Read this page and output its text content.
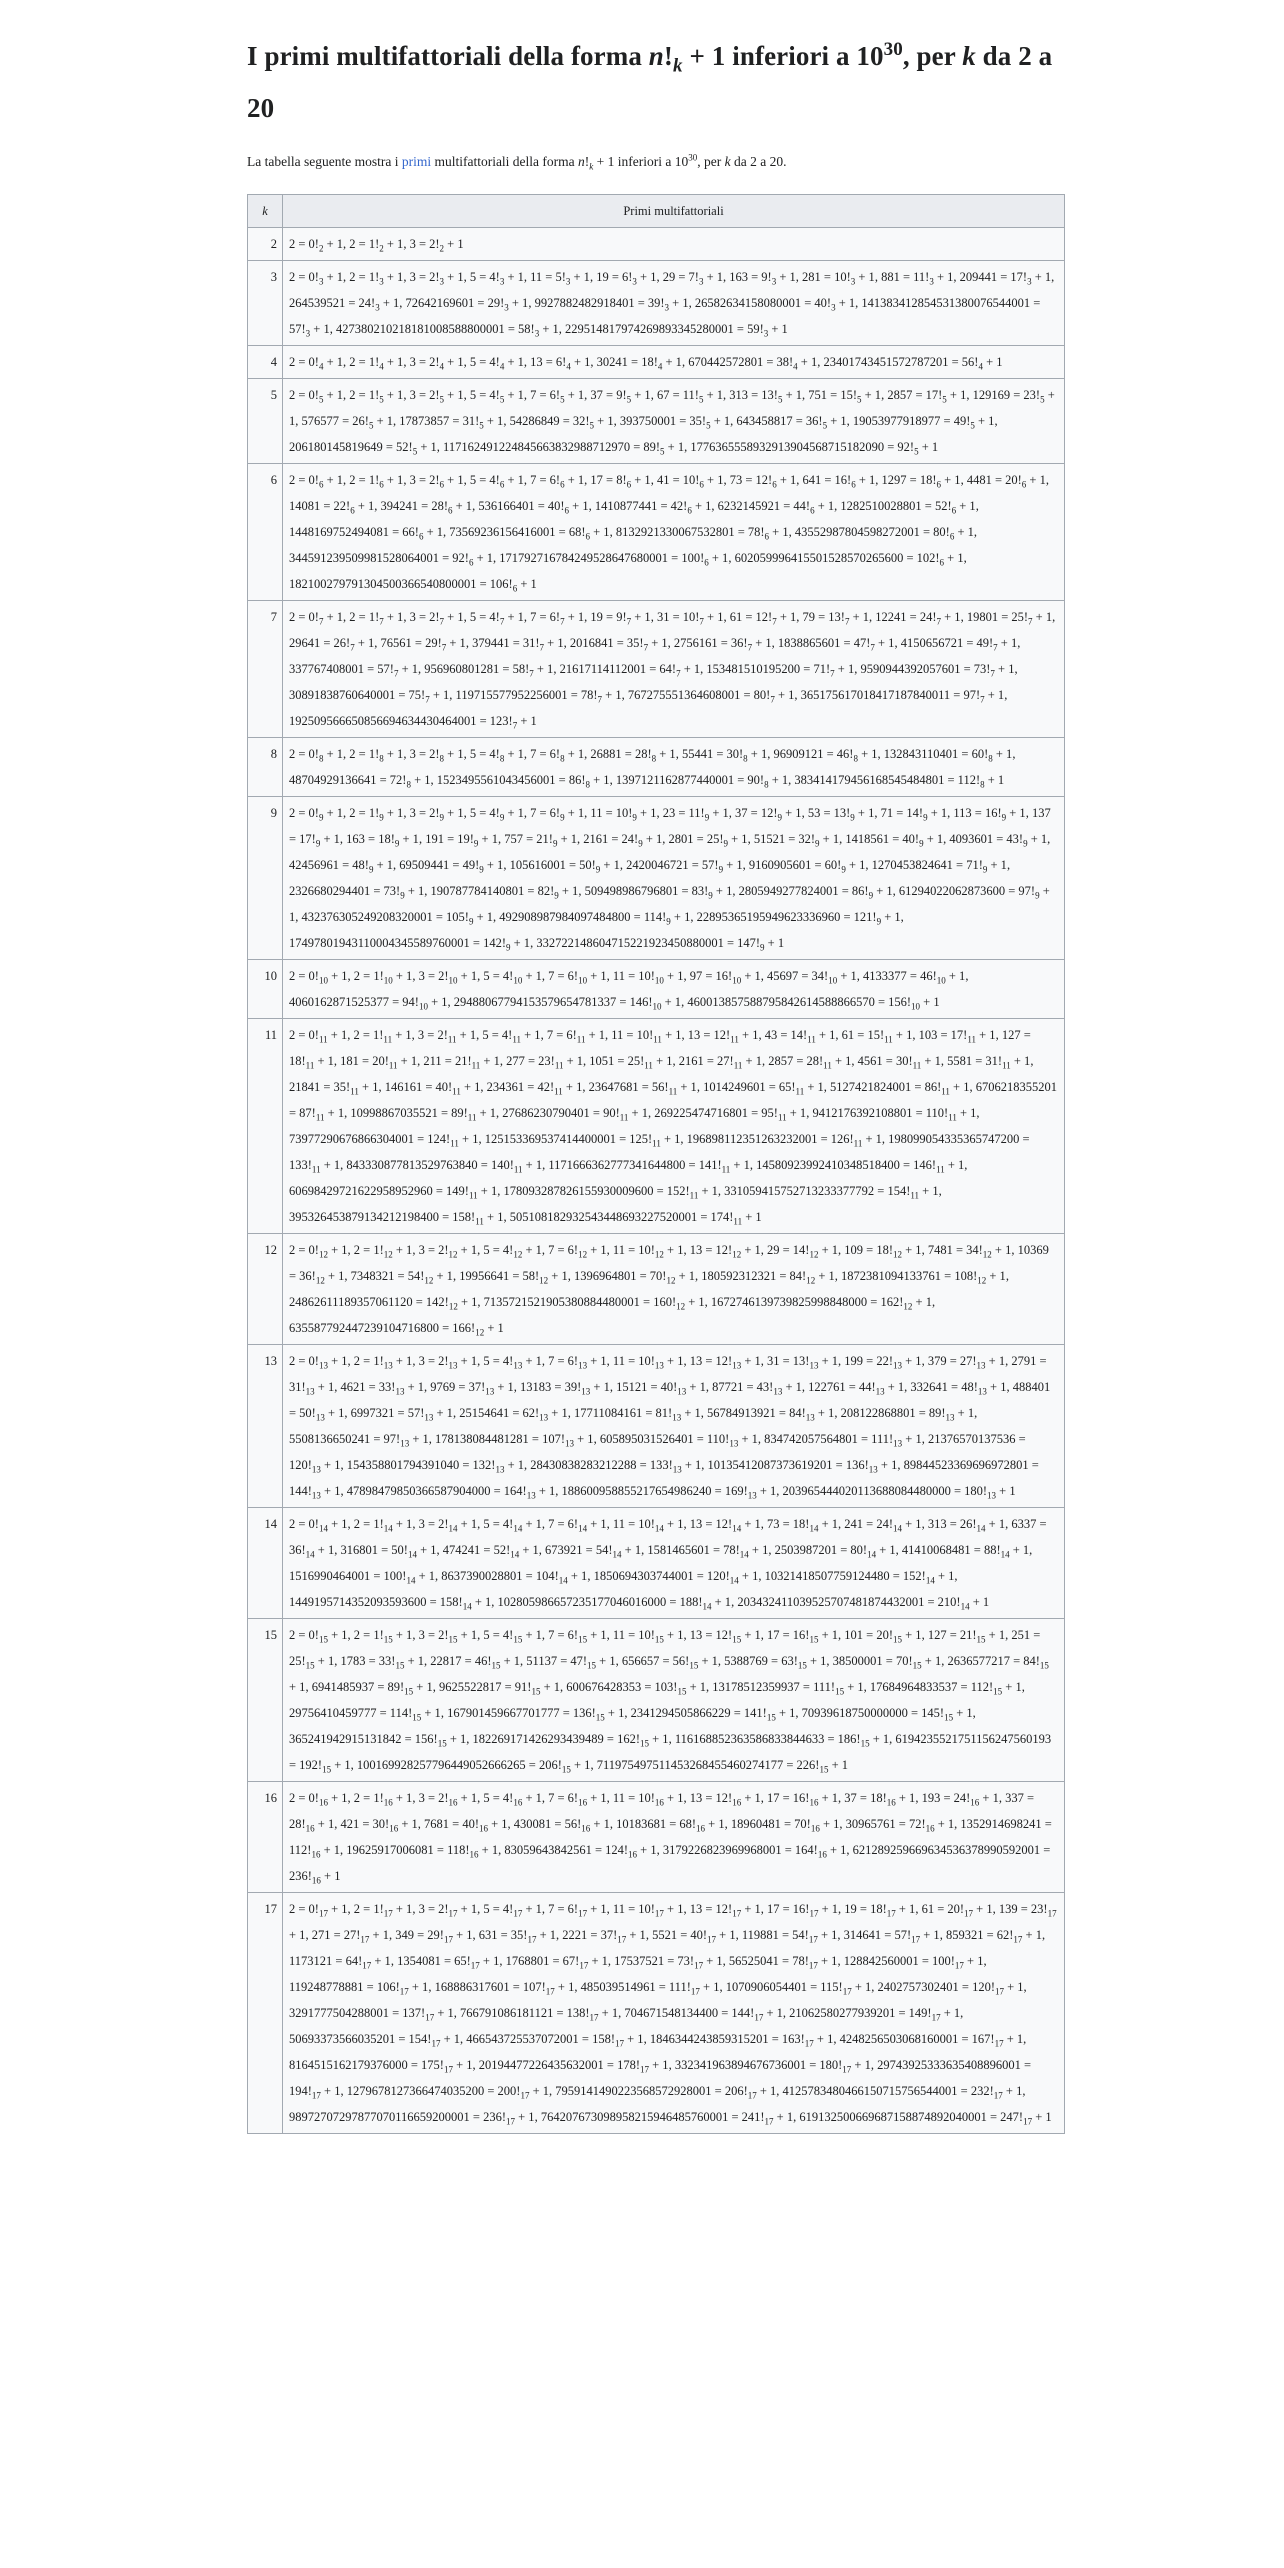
I primi multifattoriali della forma $n!_k + 1$ inferiori a $10^{30}$, per k da 2 a 20

La tabella seguente mostra i primi multifattoriali della forma $n!_k + 1$ inferiori a $10^{30}$, per k da 2 a 20.

k	Primi multifattoriali
2	$2 = 0!_2 + 1$, $2 = 1!_2 + 1$, $3 = 2!_2 + 1$

3	$2 = 0!_3 + 1$, $2 = 1!_3 + 1$, $3 = 2!_3 + 1$, $5 = 4!_3 + 1$, $11 = 5!_3 + 1$, $19 = 6!_3 + 1$, $29 = 7!_3 + 1$, $163 = 9!_3 + 1$, $281 = 10!_3 + 1$, $881 = 11!_3 + 1$, $209441 = 17!_3 + 1$, $264539521 = 24!_3 + 1$, $72642169601 = 29!_3 + 1$, $9927882482918401 = 39!_3 + 1$, $26582634158080001 = 40!_3 + 1$, $141383412854531380076544001 = 57!_3 + 1$, $427380210218181008588800001 = 58!_3 + 1$, $229514817974269893345280001 = 59!_3 + 1$

4	$2 = 0!_4 + 1$, $2 = 1!_4 + 1$, $3 = 2!_4 + 1$, $5 = 4!_4 + 1$, $13 = 6!_4 + 1$, $30241 = 18!_4 + 1$, $670442572801 = 38!_4 + 1$, $23401743451572787201 = 56!_4 + 1$

5	$2 = 0!_5 + 1$, $2 = 1!_5 + 1$, $3 = 2!_5 + 1$, $5 = 4!_5 + 1$, $7 = 6!_5 + 1$, $37 = 9!_5 + 1$, $67 = 11!_5 + 1$, $313 = 13!_5 + 1$, $751 = 15!_5 + 1$, $2857 = 17!_5 + 1$, $129169 = 23!_5 + 1$, $576577 = 26!_5 + 1$, $17873857 = 31!_5 + 1$, $54286849 = 32!_5 + 1$, $393750001 = 35!_5 + 1$, $643458817 = 36!_5 + 1$, $19053977918977 = 49!_5 + 1$, $206180145819649 = 52!_5 + 1$, $117162491224845663832988712970 = 89!_5 + 1$, $1776365558932913904568715182090 = 92!_5 + 1$

6	$2 = 0!_6 + 1$, $2 = 1!_6 + 1$, $3 = 2!_6 + 1$, $5 = 4!_6 + 1$, $7 = 6!_6 + 1$, $17 = 8!_6 + 1$, $41 = 10!_6 + 1$, $73 = 12!_6 + 1$, $641 = 16!_6 + 1$, $1297 = 18!_6 + 1$, $4481 = 20!_6 + 1$, $14081 = 22!_6 + 1$, $394241 = 28!_6 + 1$, $536166401 = 40!_6 + 1$, $1410877441 = 42!_6 + 1$, $6232145921 = 44!_6 + 1$, $1282510028801 = 52!_6 + 1$, $1448169752494081 = 66!_6 + 1$, $73569236156416001 = 68!_6 + 1$, $8132921330067532801 = 78!_6 + 1$, $43552987804598272001 = 80!_6 + 1$, $344591239509981528064001 = 92!_6 + 1$, $171792716784249528647680001 = 100!_6 + 1$, $602059996415501528570265600 = 102!_6 + 1$, $182100279791304500366540800001 = 106!_6 + 1$

7	$2 = 0!_7 + 1$, $2 = 1!_7 + 1$, $3 = 2!_7 + 1$, $5 = 4!_7 + 1$, $7 = 6!_7 + 1$, $19 = 9!_7 + 1$, $31 = 10!_7 + 1$, $61 = 12!_7 + 1$, $79 = 13!_7 + 1$, $12241 = 24!_7 + 1$, $19801 = 25!_7 + 1$, $29641 = 26!_7 + 1$, $76561 = 29!_7 + 1$, $379441 = 31!_7 + 1$, $2016841 = 35!_7 + 1$, $2756161 = 36!_7 + 1$, $1838865601 = 47!_7 + 1$, $4150656721 = 49!_7 + 1$, $337767408001 = 57!_7 + 1$, $956960801281 = 58!_7 + 1$, $21617114112001 = 64!_7 + 1$, $153481510195200 = 71!_7 + 1$, $9590944392057601 = 73!_7 + 1$, $30891838760640001 = 75!_7 + 1$, $119715577952256001 = 78!_7 + 1$, $767275551364608001 = 80!_7 + 1$, $365175617018417187840011 = 97!_7 + 1$, $192509566650856694634430464001 = 123!_7 + 1$

8	$2 = 0!_8 + 1$, $2 = 1!_8 + 1$, $3 = 2!_8 + 1$, $5 = 4!_8 + 1$, $7 = 6!_8 + 1$, $26881 = 28!_8 + 1$, $55441 = 30!_8 + 1$, $96909121 = 46!_8 + 1$, $132843110401 = 60!_8 + 1$, $48704929136641 = 72!_8 + 1$, $1523495561043456001 = 86!_8 + 1$, $1397121162877440001 = 90!_8 + 1$, $383414179456168545484801 = 112!_8 + 1$

9	$2 = 0!_9 + 1$, $2 = 1!_9 + 1$, $3 = 2!_9 + 1$, $5 = 4!_9 + 1$, $7 = 6!_9 + 1$, $11 = 10!_9 + 1$, $23 = 11!_9 + 1$, $37 = 12!_9 + 1$, $53 = 13!_9 + 1$, $71 = 14!_9 + 1$, $113 = 16!_9 + 1$, $137 = 17!_9 + 1$, $163 = 18!_9 + 1$, $191 = 19!_9 + 1$, $757 = 21!_9 + 1$, $2161 = 24!_9 + 1$, $2801 = 25!_9 + 1$, $51521 = 32!_9 + 1$, $1418561 = 40!_9 + 1$, $4093601 = 43!_9 + 1$, $42456961 = 48!_9 + 1$, $69509441 = 49!_9 + 1$, $105616001 = 50!_9 + 1$, $2420046721 = 57!_9 + 1$, $9160905601 = 60!_9 + 1$, $1270453824641 = 71!_9 + 1$, $2326680294401 = 73!_9 + 1$, $190787784140801 = 82!_9 + 1$, $509498986796801 = 83!_9 + 1$, $2805949277824001 = 86!_9 + 1$, $61294022062873600 = 97!_9 + 1$, $432376305249208320001 = 105!_9 + 1$, $492908987984097484800 = 114!_9 + 1$, $22895365195949623336960 = 121!_9 + 1$, $17497801943110004345589760001 = 142!_9 + 1$, $332722148604715221923450880001 = 147!_9 + 1$

10	$2 = 0!_{10} + 1$, $2 = 1!_{10} + 1$, $3 = 2!_{10} + 1$, $5 = 4!_{10} + 1$, $7 = 6!_{10} + 1$, $11 = 10!_{10} + 1$, $97 = 16!_{10} + 1$, $45697 = 34!_{10} + 1$, $4133377 = 46!_{10} + 1$, $4060162871525377 = 94!_{10} + 1$, $29488067794153579654781337 = 146!_{10} + 1$, $460013857588795842614588866570 = 156!_{10} + 1$

11	$2 = 0!_{11} + 1$, $2 = 1!_{11} + 1$, $3 = 2!_{11} + 1$, $5 = 4!_{11} + 1$, $7 = 6!_{11} + 1$, $11 = 10!_{11} + 1$, $13 = 12!_{11} + 1$, $43 = 14!_{11} + 1$, $61 = 15!_{11} + 1$, $103 = 17!_{11} + 1$, $127 = 18!_{11} + 1$, $181 = 20!_{11} + 1$, $211 = 21!_{11} + 1$, $277 = 23!_{11} + 1$, $1051 = 25!_{11} + 1$, $2161 = 27!_{11} + 1$, $2857 = 28!_{11} + 1$, $4561 = 30!_{11} + 1$, $5581 = 31!_{11} + 1$, $21841 = 35!_{11} + 1$, $146161 = 40!_{11} + 1$, $234361 = 42!_{11} + 1$, $23647681 = 56!_{11} + 1$, $1014249601 = 65!_{11} + 1$, $5127421824001 = 86!_{11} + 1$, $6706218355201 = 87!_{11} + 1$, $10998867035521 = 89!_{11} + 1$, $27686230790401 = 90!_{11} + 1$, $269225474716801 = 95!_{11} + 1$, $9412176392108801 = 110!_{11} + 1$, $73977290676866304001 = 124!_{11} + 1$, $125153369537414400001 = 125!_{11} + 1$, $196898112351263232001 = 126!_{11} + 1$, $198099054335365747200 = 133!_{11} + 1$, $843330877813529763840 = 140!_{11} + 1$, $1171666362777341644800 = 141!_{11} + 1$, $14580923992410348518400 = 146!_{11} + 1$, $60698429721622958952960 = 149!_{11} + 1$, $178093287826155930009600 = 152!_{11} + 1$, $331059415752713233377792 = 154!_{11} + 1$, $395326453879134212198400 = 158!_{11} + 1$, $505108182932543448693227520001 = 174!_{11} + 1$

12	$2 = 0!_{12} + 1$, $2 = 1!_{12} + 1$, $3 = 2!_{12} + 1$, $5 = 4!_{12} + 1$, $7 = 6!_{12} + 1$, $11 = 10!_{12} + 1$, $13 = 12!_{12} + 1$, $29 = 14!_{12} + 1$, $109 = 18!_{12} + 1$, $7481 = 34!_{12} + 1$, $10369 = 36!_{12} + 1$, $7348321 = 54!_{12} + 1$, $19956641 = 58!_{12} + 1$, $1396964801 = 70!_{12} + 1$, $180592312321 = 84!_{12} + 1$, $1872381094133761 = 108!_{12} + 1$, $24862611189357061120 = 142!_{12} + 1$, $7135721521905380884480001 = 160!_{12} + 1$, $1672746139739825998848000 = 162!_{12} + 1$, $635587792447239104716800 = 166!_{12} + 1$

13	$2 = 0!_{13} + 1$, $2 = 1!_{13} + 1$, $3 = 2!_{13} + 1$, $5 = 4!_{13} + 1$, $7 = 6!_{13} + 1$, $11 = 10!_{13} + 1$, $13 = 12!_{13} + 1$, $31 = 13!_{13} + 1$, $199 = 22!_{13} + 1$, $379 = 27!_{13} + 1$, $2791 = 31!_{13} + 1$, $4621 = 33!_{13} + 1$, $9769 = 37!_{13} + 1$, $13183 = 39!_{13} + 1$, $15121 = 40!_{13} + 1$, $87721 = 43!_{13} + 1$, $122761 = 44!_{13} + 1$, $332641 = 48!_{13} + 1$, $488401 = 50!_{13} + 1$, $6997321 = 57!_{13} + 1$, $25154641 = 62!_{13} + 1$, $17711084161 = 81!_{13} + 1$, $56784913921 = 84!_{13} + 1$, $208122868801 = 89!_{13} + 1$, $5508136650241 = 97!_{13} + 1$, $178138084481281 = 107!_{13} + 1$, $605895031526401 = 110!_{13} + 1$, $834742057564801 = 111!_{13} + 1$, $21376570137536 = 120!_{13} + 1$, $154358801794391040 = 132!_{13} + 1$, $28430838283212288 = 133!_{13} + 1$, $10135412087373619201 = 136!_{13} + 1$, $89844523369696972801 = 144!_{13} + 1$, $47898479850366587904000 = 164!_{13} + 1$, $188600958855217654986240 = 169!_{13} + 1$, $203965444020113688084480000 = 180!_{13} + 1$

14	$2 = 0!_{14} + 1$, $2 = 1!_{14} + 1$, $3 = 2!_{14} + 1$, $5 = 4!_{14} + 1$, $7 = 6!_{14} + 1$, $11 = 10!_{14} + 1$, $13 = 12!_{14} + 1$, $73 = 18!_{14} + 1$, $241 = 24!_{14} + 1$, $313 = 26!_{14} + 1$, $6337 = 36!_{14} + 1$, $316801 = 50!_{14} + 1$, $474241 = 52!_{14} + 1$, $673921 = 54!_{14} + 1$, $1581465601 = 78!_{14} + 1$, $2503987201 = 80!_{14} + 1$, $41410068481 = 88!_{14} + 1$, $1516990464001 = 100!_{14} + 1$, $8637390028801 = 104!_{14} + 1$, $1850694303744001 = 120!_{14} + 1$, $10321418507759124480 = 152!_{14} + 1$, $1449195714352093593600 = 158!_{14} + 1$, $102805986657235177046016000 = 188!_{14} + 1$, $203432411039525707481874432001 = 210!_{14} + 1$

15	$2 = 0!_{15} + 1$, $2 = 1!_{15} + 1$, $3 = 2!_{15} + 1$, $5 = 4!_{15} + 1$, $7 = 6!_{15} + 1$, $11 = 10!_{15} + 1$, $13 = 12!_{15} + 1$, $17 = 16!_{15} + 1$, $101 = 20!_{15} + 1$, $127 = 21!_{15} + 1$, $251 = 25!_{15} + 1$, $1783 = 33!_{15} + 1$, $22817 = 46!_{15} + 1$, $51137 = 47!_{15} + 1$, $656657 = 56!_{15} + 1$, $5388769 = 63!_{15} + 1$, $38500001 = 70!_{15} + 1$, $2636577217 = 84!_{15} + 1$, $6941485937 = 89!_{15} + 1$, $9625522817 = 91!_{15} + 1$, $600676428353 = 103!_{15} + 1$, $13178512359937 = 111!_{15} + 1$, $17684964833537 = 112!_{15} + 1$, $29756410459777 = 114!_{15} + 1$, $167901459667701777 = 136!_{15} + 1$, $2341294505866229 = 141!_{15} + 1$, $70939618750000000 = 145!_{15} + 1$, $365241942915131842 = 156!_{15} + 1$, $182269171426293439489 = 162!_{15} + 1$, $116168852363586833844633 = 186!_{15} + 1$, $6194235521751156247560193 = 192!_{15} + 1$, $100169928257796449052666265 = 206!_{15} + 1$, $711975497511453268455460274177 = 226!_{15} + 1$

16	$2 = 0!_{16} + 1$, $2 = 1!_{16} + 1$, $3 = 2!_{16} + 1$, $5 = 4!_{16} + 1$, $7 = 6!_{16} + 1$, $11 = 10!_{16} + 1$, $13 = 12!_{16} + 1$, $17 = 16!_{16} + 1$, $37 = 18!_{16} + 1$, $193 = 24!_{16} + 1$, $337 = 28!_{16} + 1$, $421 = 30!_{16} + 1$, $7681 = 40!_{16} + 1$, $430081 = 56!_{16} + 1$, $10183681 = 68!_{16} + 1$, $18960481 = 70!_{16} + 1$, $30965761 = 72!_{16} + 1$, $1352914698241 = 112!_{16} + 1$, $19625917006081 = 118!_{16} + 1$, $83059643842561 = 124!_{16} + 1$, $3179226823969968001 = 164!_{16} + 1$, $621289259669634536378990592001 = 236!_{16} + 1$

17	$2 = 0!_{17} + 1$, $2 = 1!_{17} + 1$, $3 = 2!_{17} + 1$, $5 = 4!_{17} + 1$, $7 = 6!_{17} + 1$, $11 = 10!_{17} + 1$, $13 = 12!_{17} + 1$, $17 = 16!_{17} + 1$, $19 = 18!_{17} + 1$, $61 = 20!_{17} + 1$, $139 = 23!_{17} + 1$, $271 = 27!_{17} + 1$, $349 = 29!_{17} + 1$, $631 = 35!_{17} + 1$, $2221 = 37!_{17} + 1$, $5521 = 40!_{17} + 1$, $119881 = 54!_{17} + 1$, $314641 = 57!_{17} + 1$, $859321 = 62!_{17} + 1$, $1173121 = 64!_{17} + 1$, $1354081 = 65!_{17} + 1$, $1768801 = 67!_{17} + 1$, $17537521 = 73!_{17} + 1$, $56525041 = 78!_{17} + 1$, $128842560001 = 100!_{17} + 1$, $119248778881 = 106!_{17} + 1$, $168886317601 = 107!_{17} + 1$, $485039514961 = 111!_{17} + 1$, $1070906054401 = 115!_{17} + 1$, $2402757302401 = 120!_{17} + 1$, $3291777504288001 = 137!_{17} + 1$, $766791086181121 = 138!_{17} + 1$, $704671548134400 = 144!_{17} + 1$, $21062580277939201 = 149!_{17} + 1$, $50693373566035201 = 154!_{17} + 1$, $466543725537072001 = 158!_{17} + 1$, $1846344243859315201 = 163!_{17} + 1$, $4248256503068160001 = 167!_{17} + 1$, $8164515162179376000 = 175!_{17} + 1$, $20194477226435632001 = 178!_{17} + 1$, $332341963894676736001 = 180!_{17} + 1$, $29743925333635408896001 = 194!_{17} + 1$, $1279678127366474035200 = 200!_{17} + 1$, $7959141490223568572928001 = 206!_{17} + 1$, $4125783480466150715756544001 = 232!_{17} + 1$, $98972707297877070116659200001 = 236!_{17} + 1$, $764207673098958215946485760001 = 241!_{17} + 1$, $619132500669687158874892040001 = 247!_{17} + 1$
